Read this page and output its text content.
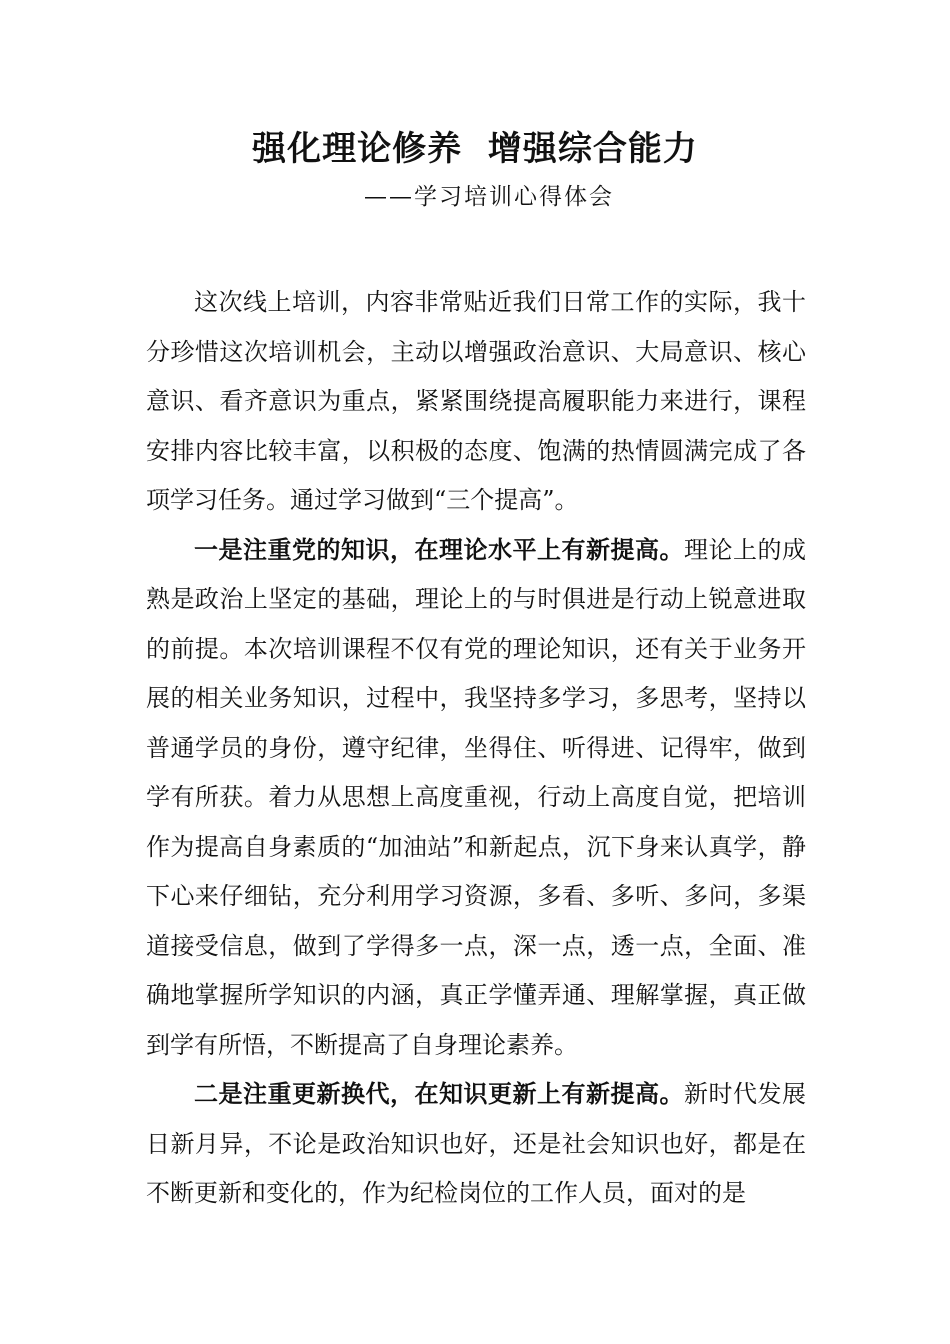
强化理论修养  增强综合能力
——学习培训心得体会

这次线上培训，内容非常贴近我们日常工作的实际，我十分珍惜这次培训机会，主动以增强政治意识、大局意识、核心意识、看齐意识为重点，紧紧围绕提高履职能力来进行，课程安排内容比较丰富，以积极的态度、饱满的热情圆满完成了各项学习任务。通过学习做到“三个提高”。

一是注重党的知识，在理论水平上有新提高。理论上的成熟是政治上坚定的基础，理论上的与时俱进是行动上锐意进取的前提。本次培训课程不仅有党的理论知识，还有关于业务开展的相关业务知识，过程中，我坚持多学习，多思考，坚持以普通学员的身份，遵守纪律，坐得住、听得进、记得牢，做到学有所获。着力从思想上高度重视，行动上高度自觉，把培训作为提高自身素质的“加油站”和新起点，沉下身来认真学，静下心来仔细钻，充分利用学习资源，多看、多听、多问，多渠道接受信息，做到了学得多一点，深一点，透一点，全面、准确地掌握所学知识的内涵，真正学懂弄通、理解掌握，真正做到学有所悟，不断提高了自身理论素养。

二是注重更新换代，在知识更新上有新提高。新时代发展日新月异，不论是政治知识也好，还是社会知识也好，都是在不断更新和变化的，作为纪检岗位的工作人员，面对的是
